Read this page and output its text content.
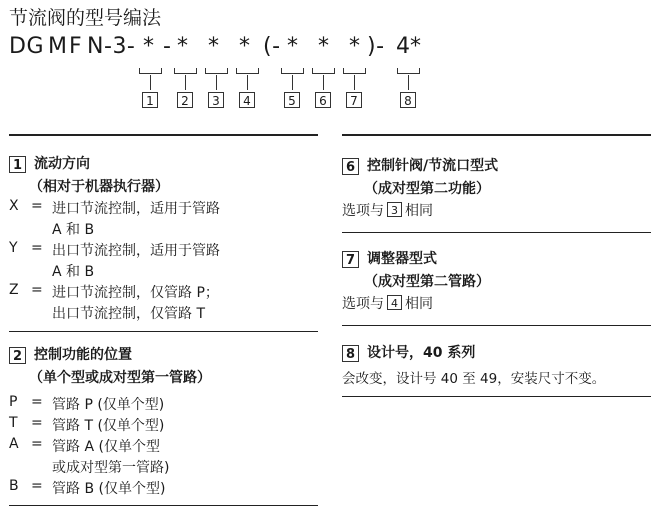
节流阀的型号编法
DG M F N -3- * - * * * (- * * * )- 4 *
1	2	3	4	5	6	7	8
1 流动方向
（相对于机器执行器）
X = 进口节流控制，适用于管路
A 和 B
Y = 出口节流控制，适用于管路
A 和 B
Z = 进口节流控制，仅管路 P；
出口节流控制，仅管路 T
2 控制功能的位置
（单个型或成对型第一管路）
P = 管路 P (仅单个型)
T = 管路 T (仅单个型)
A = 管路 A (仅单个型
或成对型第一管路)
B = 管路 B (仅单个型)
6 控制针阀/节流口型式
（成对型第二功能）
选项与 3 相同
7 调整器型式
（成对型第二管路）
选项与 4 相同
8 设计号，40 系列
会改变，设计号 40 至 49，安装尺寸不变。
